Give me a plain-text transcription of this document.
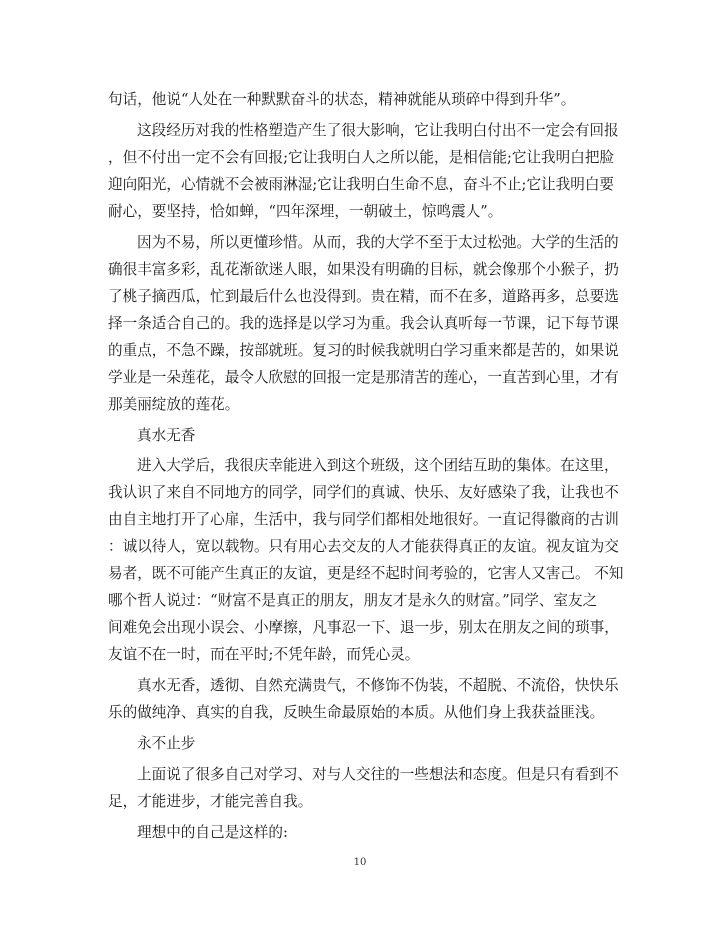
句话，他说“人处在一种默默奋斗的状态，精神就能从琐碎中得到升华”。
这段经历对我的性格塑造产生了很大影响，它让我明白付出不一定会有回报
，但不付出一定不会有回报;它让我明白人之所以能，是相信能;它让我明白把脸
迎向阳光，心情就不会被雨淋湿;它让我明白生命不息，奋斗不止;它让我明白要
耐心，要坚持，恰如蝉，“四年深埋，一朝破土，惊鸣震人”。
因为不易，所以更懂珍惜。从而，我的大学不至于太过松弛。大学的生活的
确很丰富多彩，乱花渐欲迷人眼，如果没有明确的目标，就会像那个小猴子，扔
了桃子摘西瓜，忙到最后什么也没得到。贵在精，而不在多，道路再多，总要选
择一条适合自己的。我的选择是以学习为重。我会认真听每一节课，记下每节课
的重点，不急不躁，按部就班。复习的时候我就明白学习重来都是苦的，如果说
学业是一朵莲花，最令人欣慰的回报一定是那清苦的莲心，一直苦到心里，才有
那美丽绽放的莲花。
真水无香
进入大学后，我很庆幸能进入到这个班级，这个团结互助的集体。在这里，
我认识了来自不同地方的同学，同学们的真诚、快乐、友好感染了我，让我也不
由自主地打开了心扉，生活中，我与同学们都相处地很好。一直记得徽商的古训
：诚以待人，宽以载物。只有用心去交友的人才能获得真正的友谊。视友谊为交
易者，既不可能产生真正的友谊，更是经不起时间考验的，它害人又害己。 不知
哪个哲人说过：“财富不是真正的朋友，朋友才是永久的财富。”同学、室友之
间难免会出现小误会、小摩擦，凡事忍一下、退一步，别太在朋友之间的琐事，
友谊不在一时，而在平时;不凭年龄，而凭心灵。
真水无香，透彻、自然充满贵气，不修饰不伪装，不超脱、不流俗，快快乐
乐的做纯净、真实的自我，反映生命最原始的本质。从他们身上我获益匪浅。
永不止步
上面说了很多自己对学习、对与人交往的一些想法和态度。但是只有看到不
足，才能进步，才能完善自我。
理想中的自己是这样的:
10
